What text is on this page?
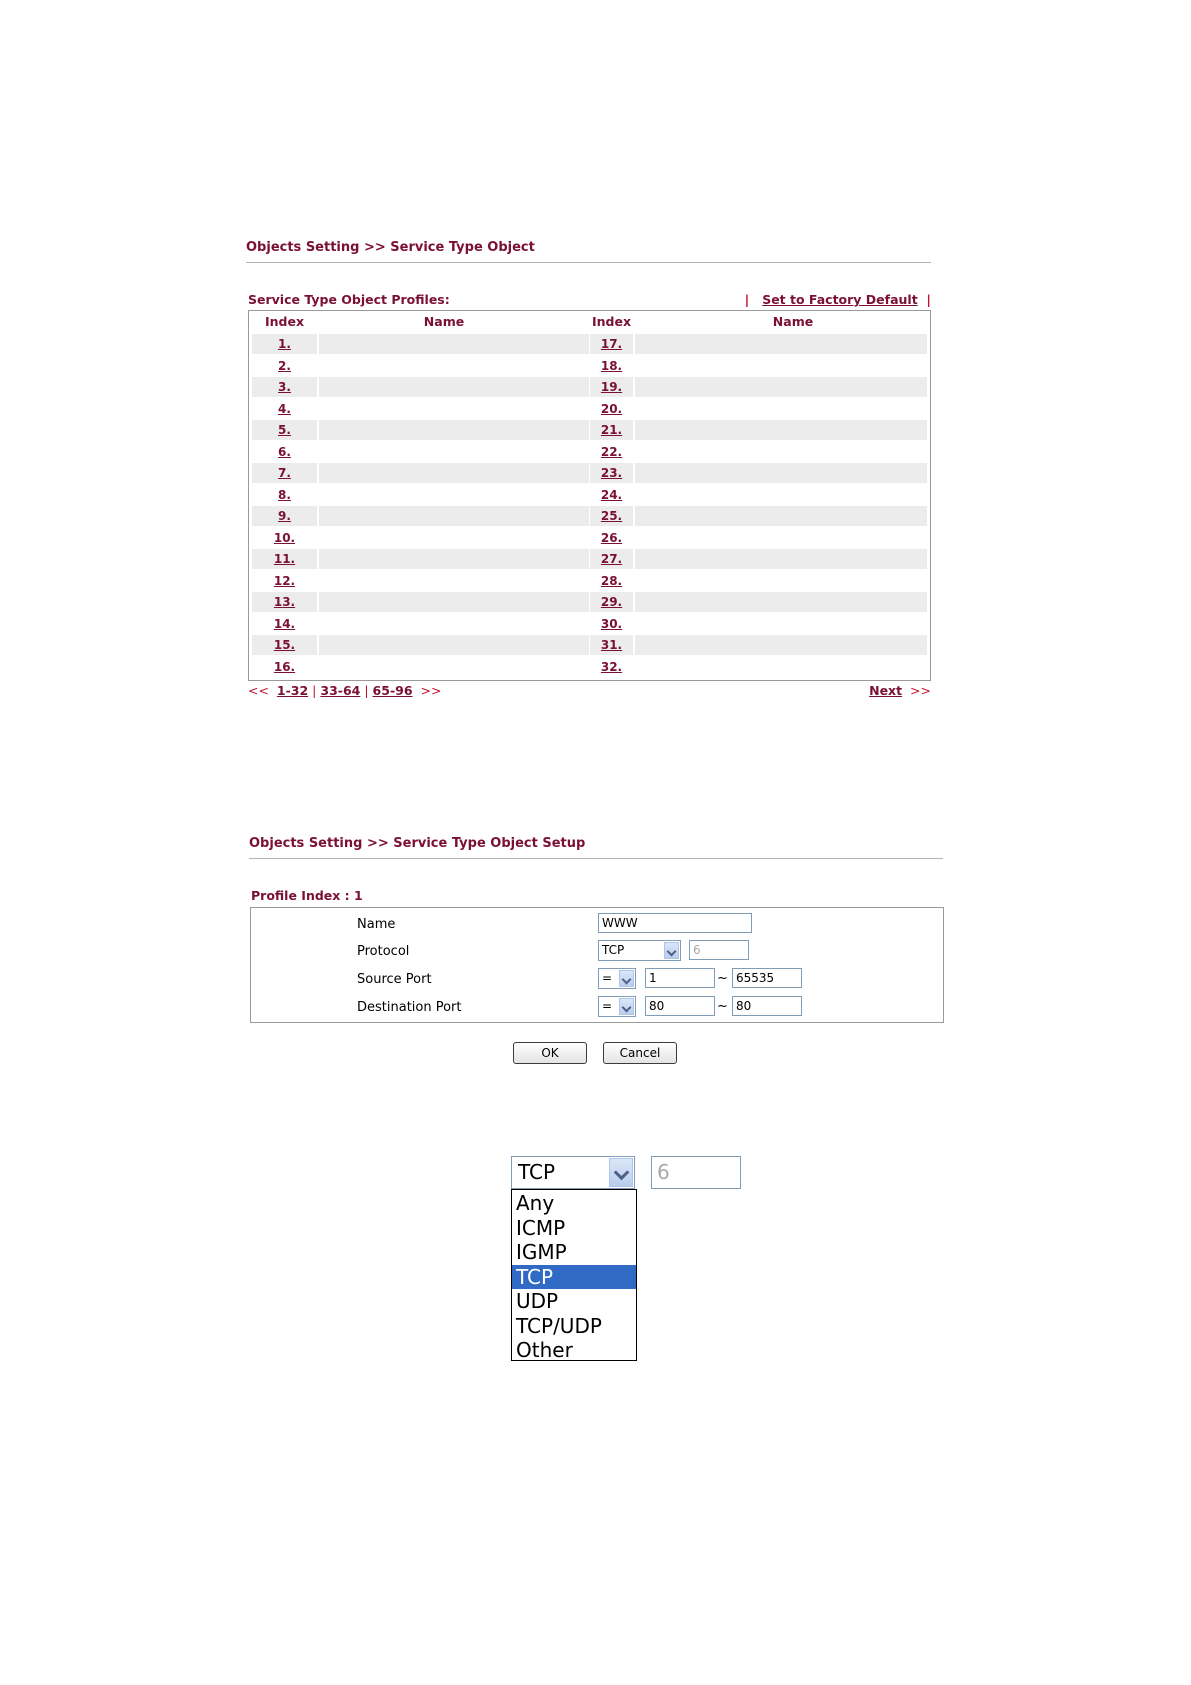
Objects Setting >> Service Type Object
Service Type Object Profiles:	| Set to Factory Default |
Index	Name	Index	Name
1.	17.
2.	18.
3.	19.
4.	20.
5.	21.
6.	22.
7.	23.
8.	24.
9.	25.
10.	26.
11.	27.
12.	28.
13.	29.
14.	30.
15.	31.
16.	32.
<< 1-32 | 33-64 | 65-96 >>	Next >>
Objects Setting >> Service Type Object Setup
Profile Index : 1
Name	WWW
Protocol	TCP	6
Source Port	=	1	~ 65535
Destination Port	=	80	~ 80
OK	Cancel
TCP	6
Any
ICMP
IGMP
TCP
UDP
TCP/UDP
Other
